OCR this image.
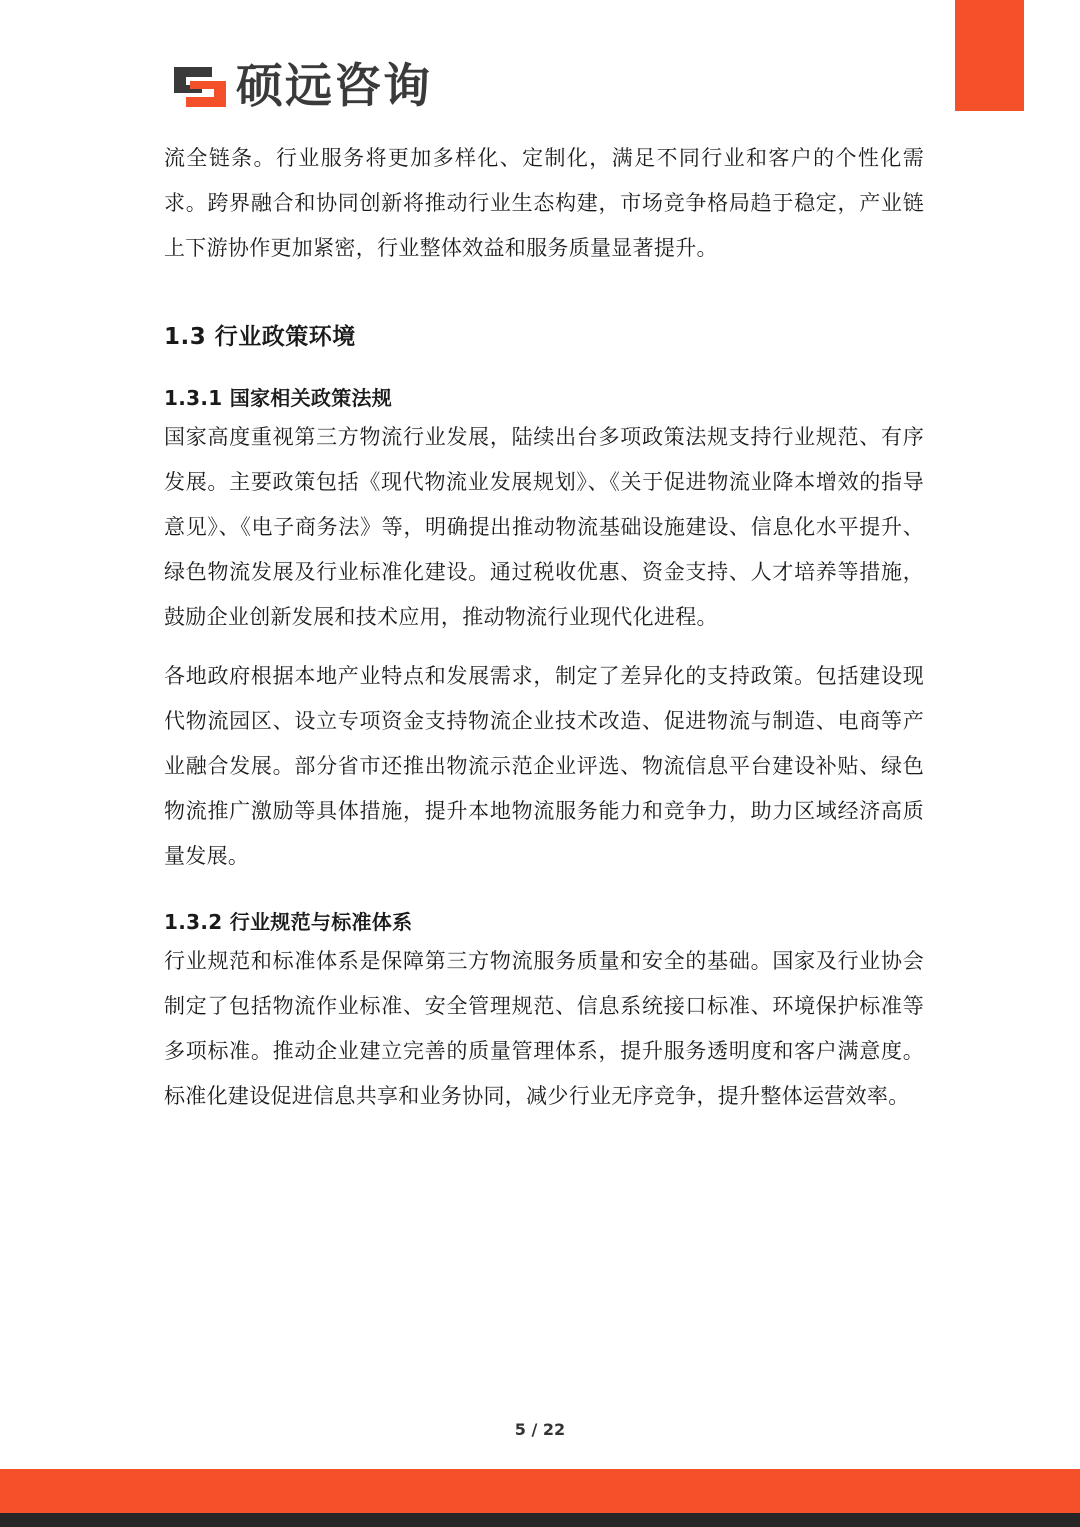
硕远咨询

流全链条。行业服务将更加多样化、定制化，满足不同行业和客户的个性化需求。跨界融合和协同创新将推动行业生态构建，市场竞争格局趋于稳定，产业链上下游协作更加紧密，行业整体效益和服务质量显著提升。

1.3 行业政策环境
1.3.1 国家相关政策法规

国家高度重视第三方物流行业发展，陆续出台多项政策法规支持行业规范、有序发展。主要政策包括《现代物流业发展规划》、《关于促进物流业降本增效的指导意见》、《电子商务法》等，明确提出推动物流基础设施建设、信息化水平提升、绿色物流发展及行业标准化建设。通过税收优惠、资金支持、人才培养等措施，鼓励企业创新发展和技术应用，推动物流行业现代化进程。

各地政府根据本地产业特点和发展需求，制定了差异化的支持政策。包括建设现代物流园区、设立专项资金支持物流企业技术改造、促进物流与制造、电商等产业融合发展。部分省市还推出物流示范企业评选、物流信息平台建设补贴、绿色物流推广激励等具体措施，提升本地物流服务能力和竞争力，助力区域经济高质量发展。

1.3.2 行业规范与标准体系

行业规范和标准体系是保障第三方物流服务质量和安全的基础。国家及行业协会制定了包括物流作业标准、安全管理规范、信息系统接口标准、环境保护标准等多项标准。推动企业建立完善的质量管理体系，提升服务透明度和客户满意度。标准化建设促进信息共享和业务协同，减少行业无序竞争，提升整体运营效率。

5 / 22
